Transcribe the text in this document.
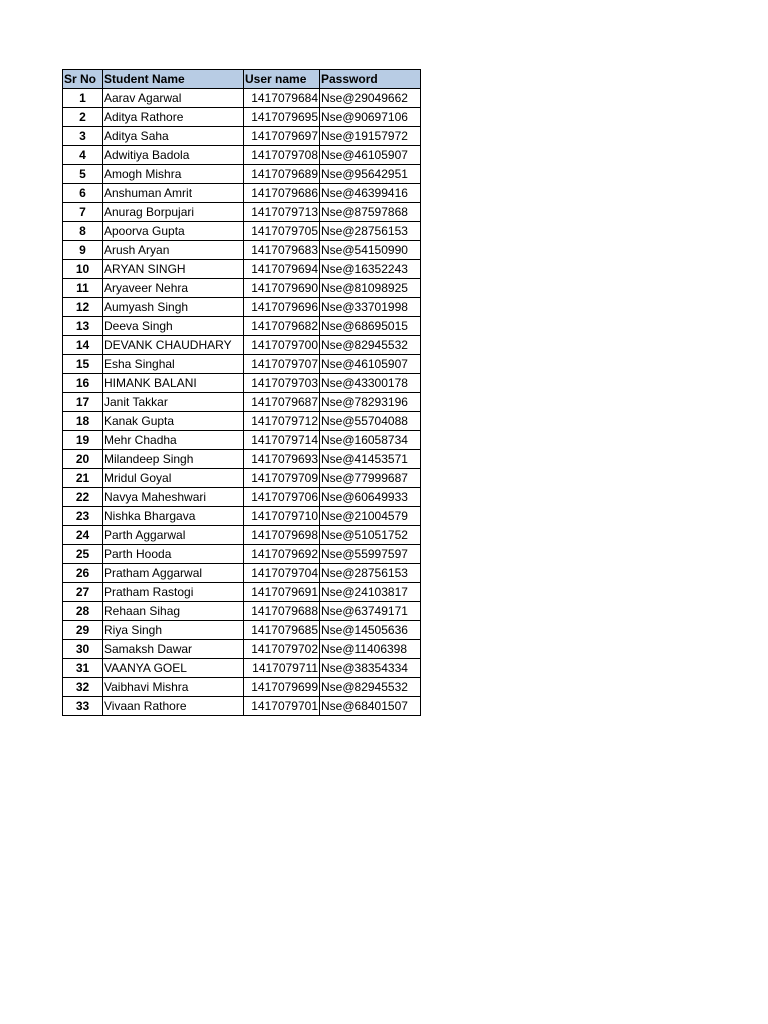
Sr No	Student Name	User name	Password
1	Aarav Agarwal	1417079684	Nse@29049662
2	Aditya Rathore	1417079695	Nse@90697106
3	Aditya Saha	1417079697	Nse@19157972
4	Adwitiya Badola	1417079708	Nse@46105907
5	Amogh Mishra	1417079689	Nse@95642951
6	Anshuman Amrit	1417079686	Nse@46399416
7	Anurag Borpujari	1417079713	Nse@87597868
8	Apoorva Gupta	1417079705	Nse@28756153
9	Arush Aryan	1417079683	Nse@54150990
10	ARYAN SINGH	1417079694	Nse@16352243
11	Aryaveer Nehra	1417079690	Nse@81098925
12	Aumyash Singh	1417079696	Nse@33701998
13	Deeva Singh	1417079682	Nse@68695015
14	DEVANK CHAUDHARY	1417079700	Nse@82945532
15	Esha Singhal	1417079707	Nse@46105907
16	HIMANK BALANI	1417079703	Nse@43300178
17	Janit Takkar	1417079687	Nse@78293196
18	Kanak Gupta	1417079712	Nse@55704088
19	Mehr Chadha	1417079714	Nse@16058734
20	Milandeep Singh	1417079693	Nse@41453571
21	Mridul Goyal	1417079709	Nse@77999687
22	Navya Maheshwari	1417079706	Nse@60649933
23	Nishka Bhargava	1417079710	Nse@21004579
24	Parth Aggarwal	1417079698	Nse@51051752
25	Parth Hooda	1417079692	Nse@55997597
26	Pratham Aggarwal	1417079704	Nse@28756153
27	Pratham Rastogi	1417079691	Nse@24103817
28	Rehaan Sihag	1417079688	Nse@63749171
29	Riya Singh	1417079685	Nse@14505636
30	Samaksh Dawar	1417079702	Nse@11406398
31	VAANYA GOEL	1417079711	Nse@38354334
32	Vaibhavi Mishra	1417079699	Nse@82945532
33	Vivaan Rathore	1417079701	Nse@68401507
